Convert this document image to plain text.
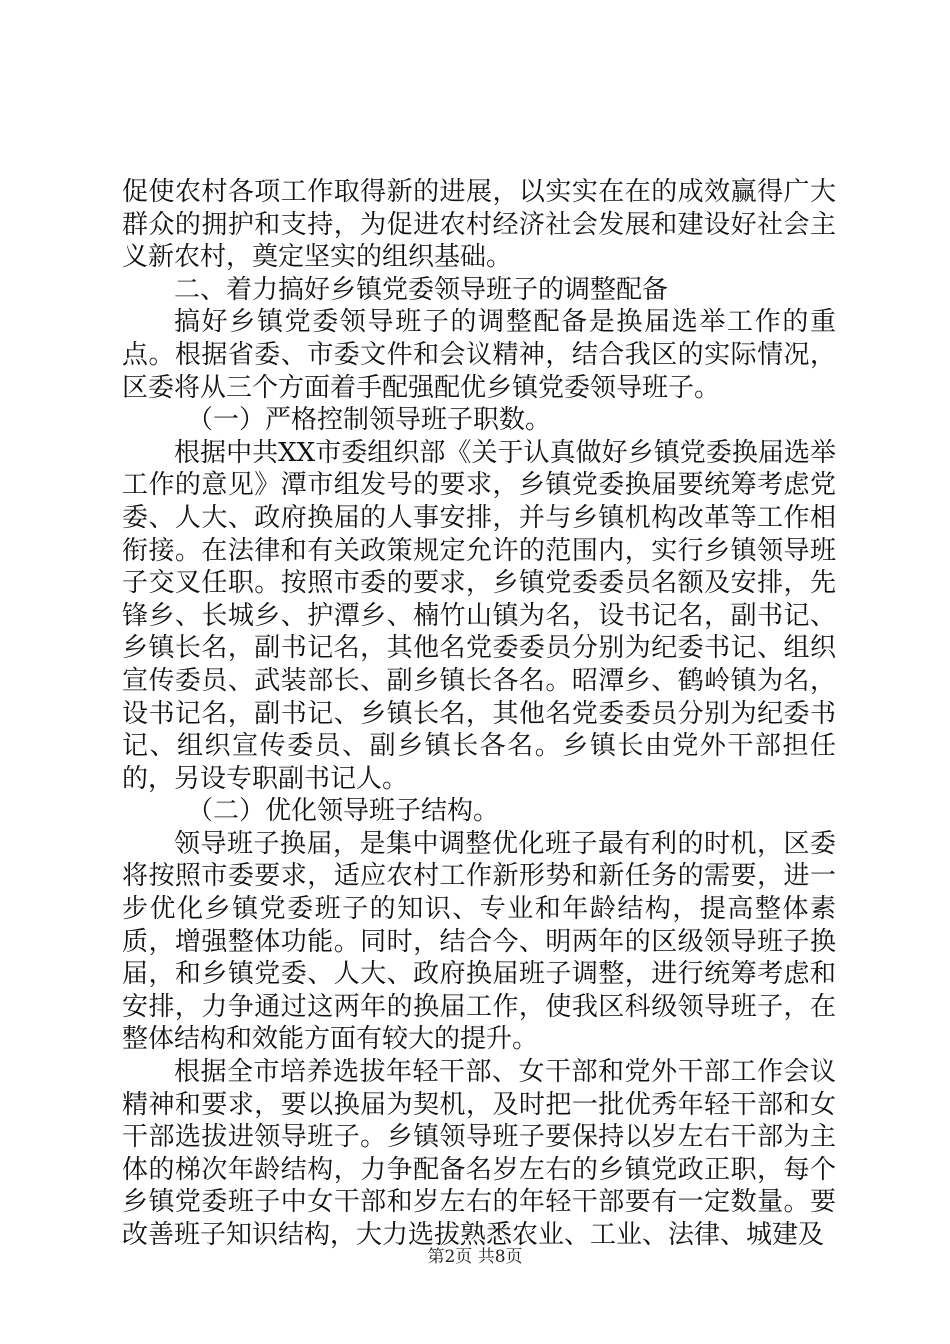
促使农村各项工作取得新的进展，以实实在在的成效赢得广大群众的拥护和支持，为促进农村经济社会发展和建设好社会主义新农村，奠定坚实的组织基础。

二、着力搞好乡镇党委领导班子的调整配备

搞好乡镇党委领导班子的调整配备是换届选举工作的重点。根据省委、市委文件和会议精神，结合我区的实际情况，区委将从三个方面着手配强配优乡镇党委领导班子。

（一）严格控制领导班子职数。

根据中共XX市委组织部《关于认真做好乡镇党委换届选举工作的意见》潭市组发号的要求，乡镇党委换届要统筹考虑党委、人大、政府换届的人事安排，并与乡镇机构改革等工作相衔接。在法律和有关政策规定允许的范围内，实行乡镇领导班子交叉任职。按照市委的要求，乡镇党委委员名额及安排，先锋乡、长城乡、护潭乡、楠竹山镇为名，设书记名，副书记、乡镇长名，副书记名，其他名党委委员分别为纪委书记、组织宣传委员、武装部长、副乡镇长各名。昭潭乡、鹤岭镇为名，设书记名，副书记、乡镇长名，其他名党委委员分别为纪委书记、组织宣传委员、副乡镇长各名。乡镇长由党外干部担任的，另设专职副书记人。

（二）优化领导班子结构。

领导班子换届，是集中调整优化班子最有利的时机，区委将按照市委要求，适应农村工作新形势和新任务的需要，进一步优化乡镇党委班子的知识、专业和年龄结构，提高整体素质，增强整体功能。同时，结合今、明两年的区级领导班子换届，和乡镇党委、人大、政府换届班子调整，进行统筹考虑和安排，力争通过这两年的换届工作，使我区科级领导班子，在整体结构和效能方面有较大的提升。

根据全市培养选拔年轻干部、女干部和党外干部工作会议精神和要求，要以换届为契机，及时把一批优秀年轻干部和女干部选拔进领导班子。乡镇领导班子要保持以岁左右干部为主体的梯次年龄结构，力争配备名岁左右的乡镇党政正职，每个乡镇党委班子中女干部和岁左右的年轻干部要有一定数量。要改善班子知识结构，大力选拔熟悉农业、工业、法律、城建及

第2页 共8页
